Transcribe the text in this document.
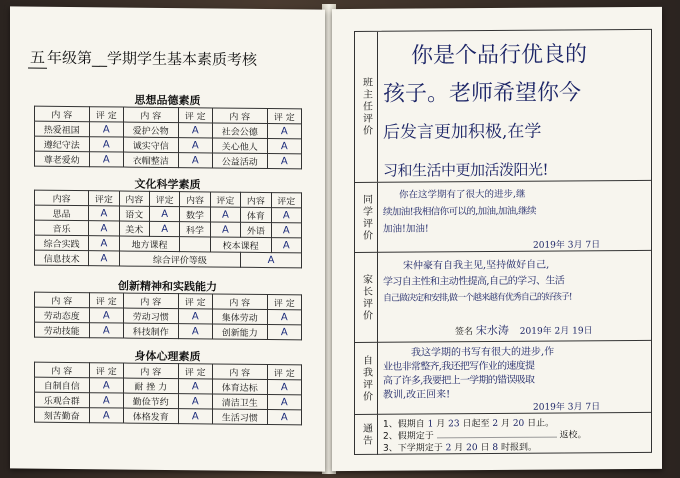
五 年级第__学期学生基本素质考核
思想品德素质
内 容	评 定	内 容	评 定	内 容	评 定
热爱祖国	A	爱护公物	A	社会公德	A
遵纪守法	A	诚实守信	A	关心他人	A
尊老爱幼	A	衣帽整洁	A	公益活动	A
文化科学素质
内容	评定	内容	评定	内容	评定	内容	评定
思品	A	语文	A	数学	A	体育	A
音乐	A	美术	A	科学	A	外语	A
综合实践	A	地方课程			校本课程		A
信息技术	A	综合评价等级				A	
创新精神和实践能力
内 容	评 定	内 容	评 定	内 容	评 定
劳动态度	A	劳动习惯	A	集体劳动	A
劳动技能	A	科技制作	A	创新能力	A
身体心理素质
内 容	评 定	内 容	评 定	内 容	评 定
自制自信	A	耐 挫 力	A	体育达标	A
乐观合群	A	勤俭节约	A	清洁卫生	A
刻苦勤奋	A	体格发育	A	生活习惯	A
班主任评价
你是个品行优良的
孩子。老师希望你今
后发言更加积极,在学
习和生活中更加活泼阳光!
同学评价	你在这学期有了很大的进步,继
续加油!我相信你可以的,加油,加油,继续
加油!加油!
2019年 3月 7日
家长评价
宋仲豪有自我主见,坚持做好自己,
学习自主性和主动性提高,自己的学习、生活
自己做决定和安排,做一个越来越有优秀自己的好孩子!
签名 宋水涛 2019年 2月 19日
自我评价
我这学期的书写有很大的进步,作
业也非常整齐,我还把写作业的速度提
高了许多,我要把上一学期的错误吸取
教训,改正回来!
2019年 3月 7日
通告 1、假期自 1 月 23 日起至 2 月 20 日止。
2、假期定于	返校。
3、下学期定于 2 月 20 日 8 时报到。
